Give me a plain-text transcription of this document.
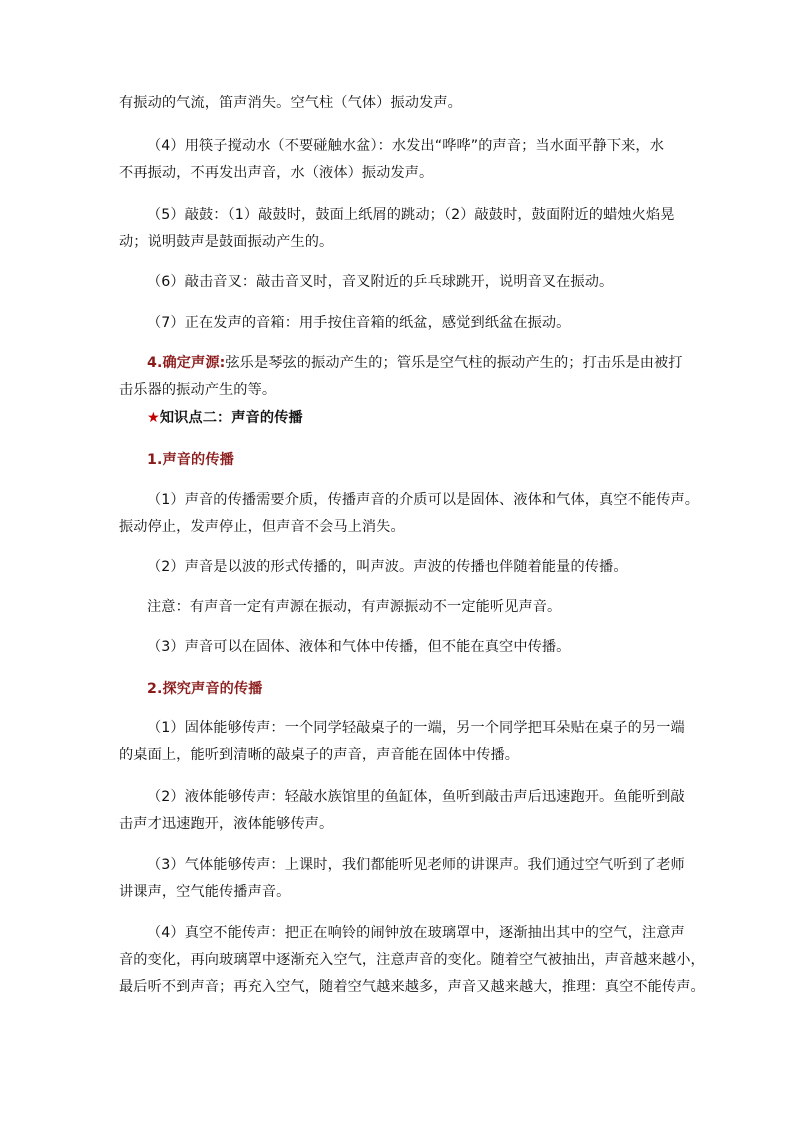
有振动的气流，笛声消失。空气柱（气体）振动发声。
（4）用筷子搅动水（不要碰触水盆）：水发出“哗哗”的声音；当水面平静下来，水
不再振动，不再发出声音，水（液体）振动发声。
（5）敲鼓：（1）敲鼓时，鼓面上纸屑的跳动；（2）敲鼓时，鼓面附近的蜡烛火焰晃
动；说明鼓声是鼓面振动产生的。
（6）敲击音叉：敲击音叉时，音叉附近的乒乓球跳开，说明音叉在振动。
（7）正在发声的音箱：用手按住音箱的纸盆，感觉到纸盆在振动。
4.确定声源:弦乐是琴弦的振动产生的；管乐是空气柱的振动产生的；打击乐是由被打
击乐器的振动产生的等。
★知识点二：声音的传播
1.声音的传播
（1）声音的传播需要介质，传播声音的介质可以是固体、液体和气体，真空不能传声。
振动停止，发声停止，但声音不会马上消失。
（2）声音是以波的形式传播的，叫声波。声波的传播也伴随着能量的传播。
注意：有声音一定有声源在振动，有声源振动不一定能听见声音。
（3）声音可以在固体、液体和气体中传播，但不能在真空中传播。
2.探究声音的传播
（1）固体能够传声：一个同学轻敲桌子的一端，另一个同学把耳朵贴在桌子的另一端
的桌面上，能听到清晰的敲桌子的声音，声音能在固体中传播。
（2）液体能够传声：轻敲水族馆里的鱼缸体，鱼听到敲击声后迅速跑开。鱼能听到敲
击声才迅速跑开，液体能够传声。
（3）气体能够传声：上课时，我们都能听见老师的讲课声。我们通过空气听到了老师
讲课声，空气能传播声音。
（4）真空不能传声：把正在响铃的闹钟放在玻璃罩中，逐渐抽出其中的空气，注意声
音的变化，再向玻璃罩中逐渐充入空气，注意声音的变化。随着空气被抽出，声音越来越小，
最后听不到声音；再充入空气，随着空气越来越多，声音又越来越大，推理：真空不能传声。
